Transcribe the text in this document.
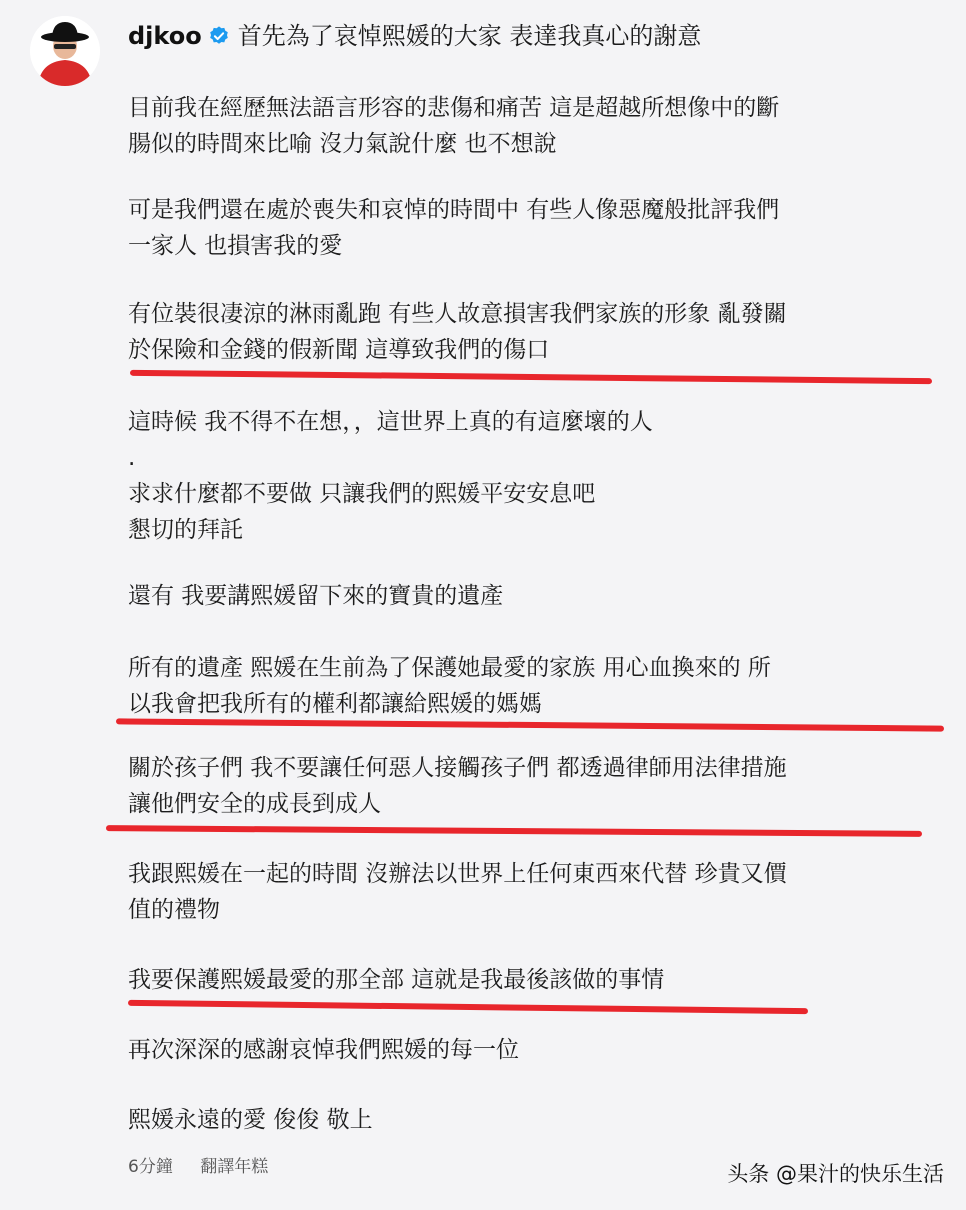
djkoo 首先為了哀悼熙媛的大家 表達我真心的謝意
目前我在經歷無法語言形容的悲傷和痛苦 這是超越所想像中的斷
腸似的時間來比喻 沒力氣說什麼 也不想說
可是我們還在處於喪失和哀悼的時間中 有些人像惡魔般批評我們
一家人 也損害我的愛
有位裝很凄涼的淋雨亂跑 有些人故意損害我們家族的形象 亂發關
於保險和金錢的假新聞 這導致我們的傷口
這時候 我不得不在想，，這世界上真的有這麼壞的人
.
求求什麼都不要做 只讓我們的熙媛平安安息吧
懇切的拜託
還有 我要講熙媛留下來的寶貴的遺產
所有的遺產 熙媛在生前為了保護她最愛的家族 用心血換來的 所
以我會把我所有的權利都讓給熙媛的媽媽
關於孩子們 我不要讓任何惡人接觸孩子們 都透過律師用法律措施
讓他們安全的成長到成人
我跟熙媛在一起的時間 沒辦法以世界上任何東西來代替 珍貴又價
值的禮物
我要保護熙媛最愛的那全部 這就是我最後該做的事情
再次深深的感謝哀悼我們熙媛的每一位
熙媛永遠的愛 俊俊 敬上
6分鐘 翻譯年糕	头条 @果汁的快乐生活
